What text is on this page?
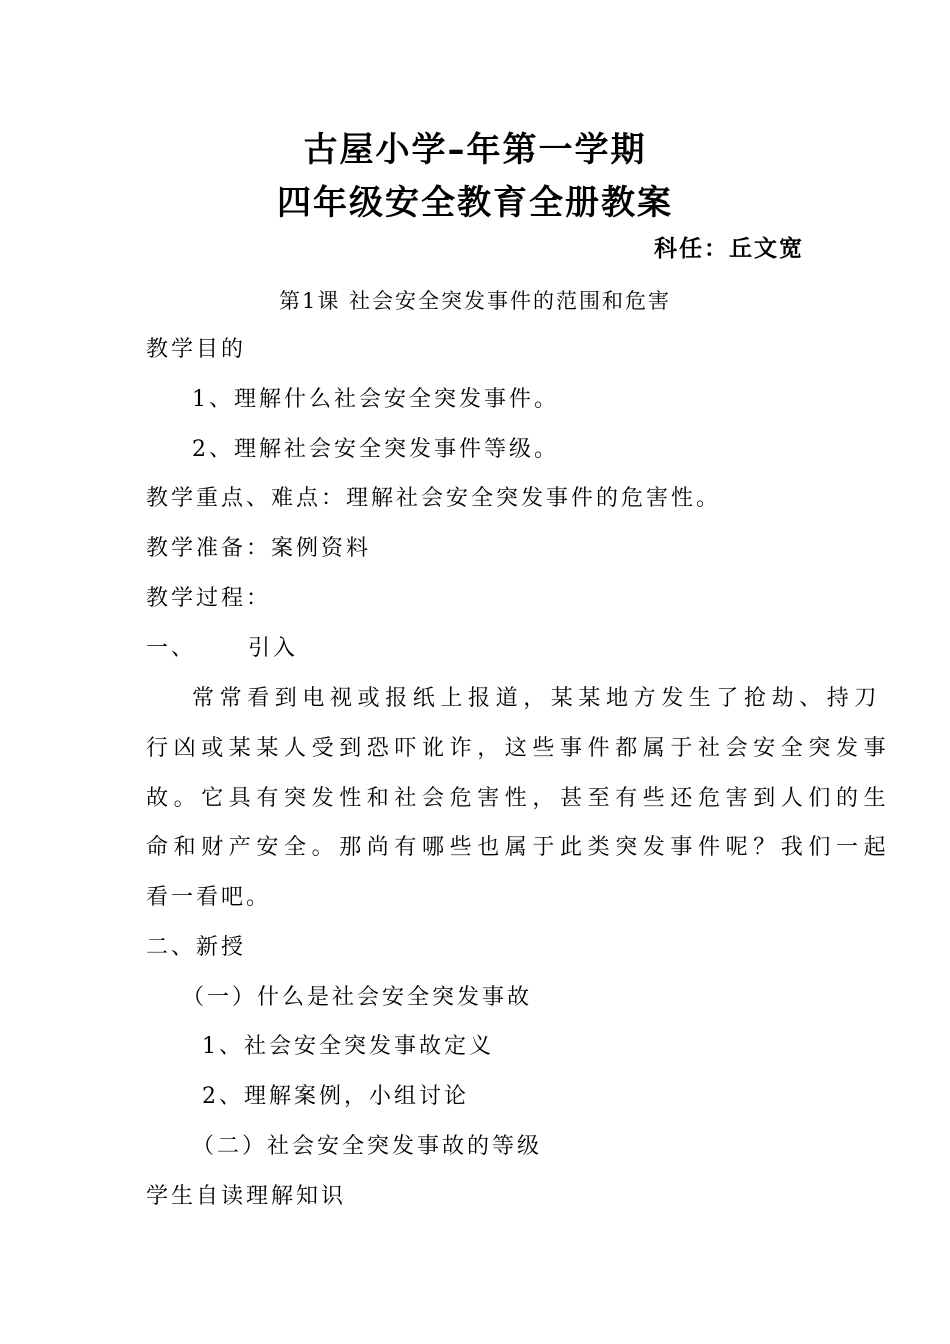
古屋小学–年第一学期
四年级安全教育全册教案
科任：丘文宽
第1课 社会安全突发事件的范围和危害
教学目的
1、理解什么社会安全突发事件。
2、理解社会安全突发事件等级。
教学重点、难点：理解社会安全突发事件的危害性。
教学准备：案例资料
教学过程：
一、 引入
常常看到电视或报纸上报道，某某地方发生了抢劫、持刀
行凶或某某人受到恐吓讹诈，这些事件都属于社会安全突发事
故。它具有突发性和社会危害性，甚至有些还危害到人们的生
命和财产安全。那尚有哪些也属于此类突发事件呢？我们一起
看一看吧。
二、新授
（一）什么是社会安全突发事故
1、社会安全突发事故定义
2、理解案例，小组讨论
（二）社会安全突发事故的等级
学生自读理解知识
